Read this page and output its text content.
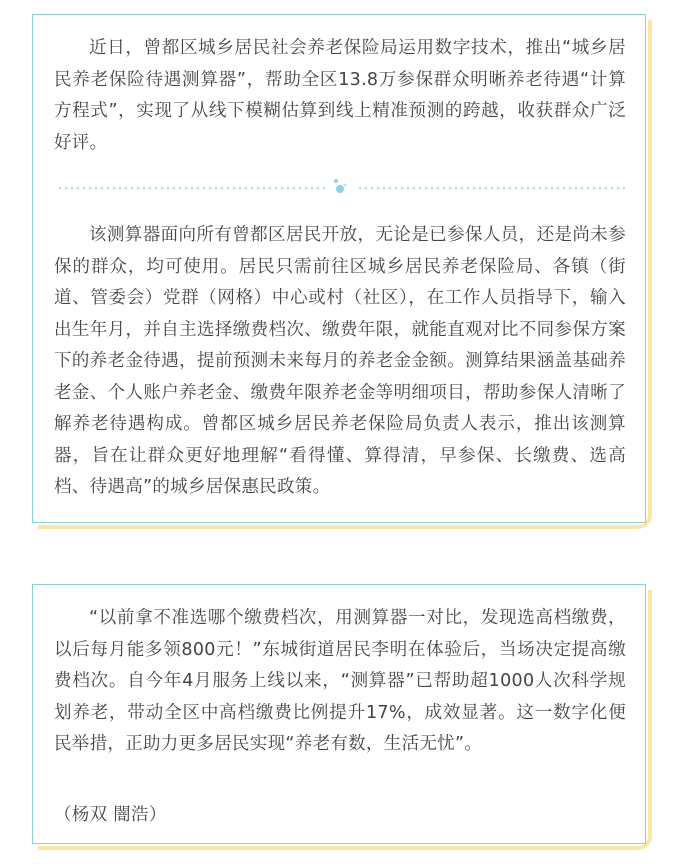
近日，曾都区城乡居民社会养老保险局运用数字技术，推出“城乡居民养老保险待遇测算器”，帮助全区13.8万参保群众明晰养老待遇“计算方程式”，实现了从线下模糊估算到线上精准预测的跨越，收获群众广泛好评。

该测算器面向所有曾都区居民开放，无论是已参保人员，还是尚未参保的群众，均可使用。居民只需前往区城乡居民养老保险局、各镇（街道、管委会）党群（网格）中心或村（社区），在工作人员指导下，输入出生年月，并自主选择缴费档次、缴费年限，就能直观对比不同参保方案下的养老金待遇，提前预测未来每月的养老金金额。测算结果涵盖基础养老金、个人账户养老金、缴费年限养老金等明细项目，帮助参保人清晰了解养老待遇构成。曾都区城乡居民养老保险局负责人表示，推出该测算器，旨在让群众更好地理解“看得懂、算得清，早参保、长缴费、选高档、待遇高”的城乡居保惠民政策。

“以前拿不准选哪个缴费档次，用测算器一对比，发现选高档缴费，以后每月能多领800元！”东城街道居民李明在体验后，当场决定提高缴费档次。自今年4月服务上线以来，“测算器”已帮助超1000人次科学规划养老，带动全区中高档缴费比例提升17%，成效显著。这一数字化便民举措，正助力更多居民实现“养老有数，生活无忧”。

（杨双 闇浩）
